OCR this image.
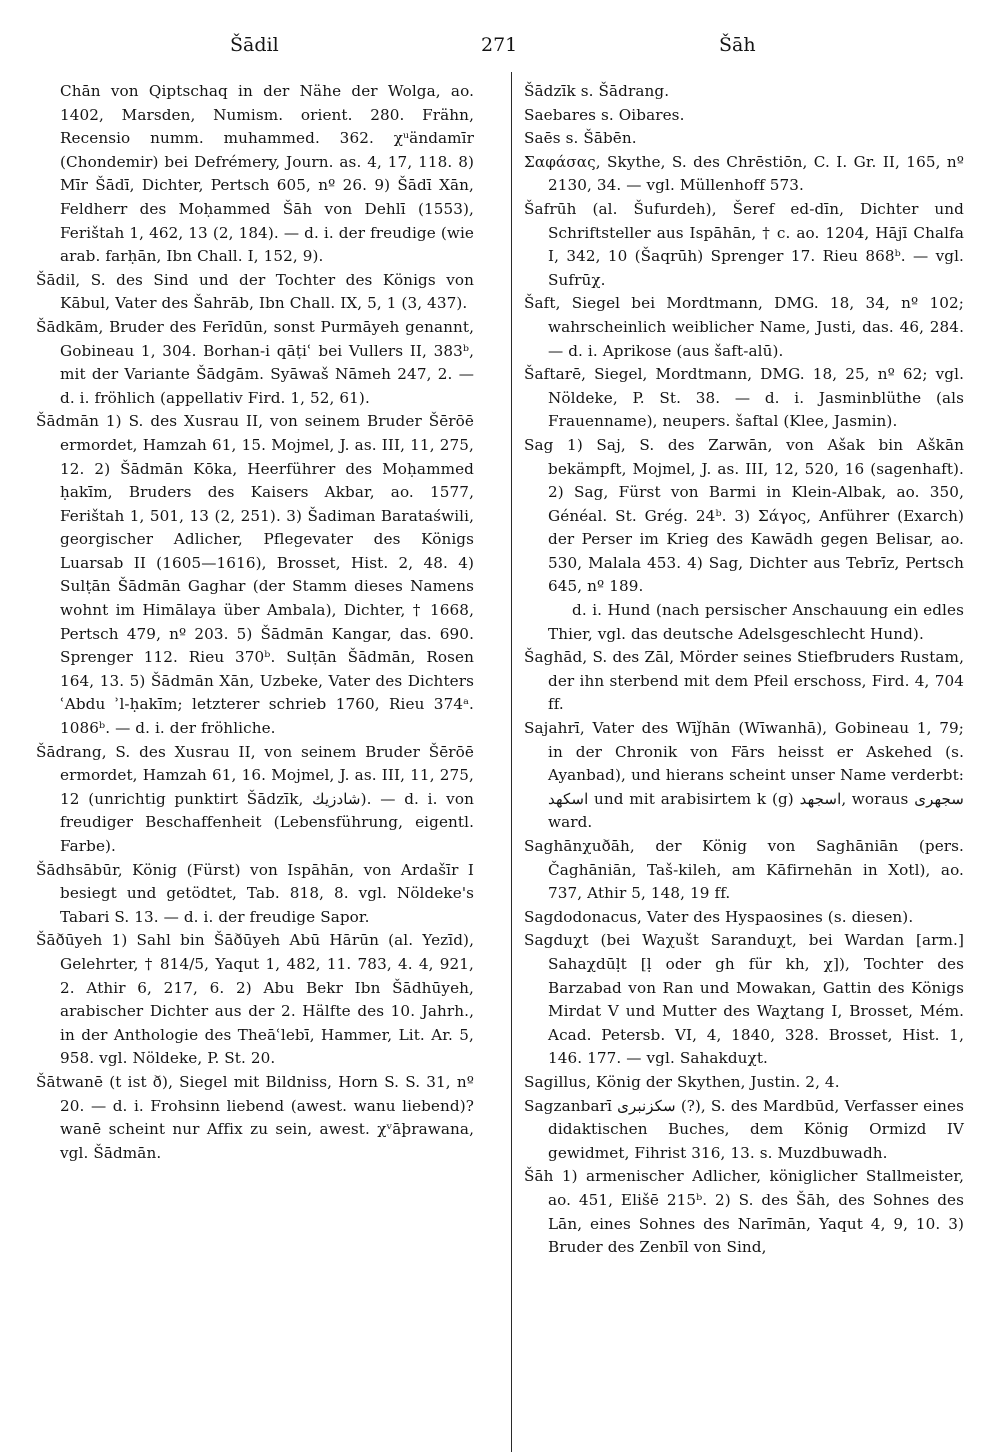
Šādil	271	Šāh

Chān von Qiptschaq in der Nähe der Wolga, ao. 1402, Marsden, Numism. orient. 280. Frähn, Recensio numm. muhammed. 362. χᵘändamīr (Chondemir) bei Defrémery, Journ. as. 4, 17, 118. 8) Mīr Šādī, Dichter, Pertsch 605, nº 26. 9) Šādī Xān, Feldherr des Moḥammed Šāh von Dehlī (1553), Ferištah 1, 462, 13 (2, 184). — d. i. der freudige (wie arab. farḥān, Ibn Chall. I, 152, 9).

Šādil, S. des Sind und der Tochter des Königs von Kābul, Vater des Šahrāb, Ibn Chall. IX, 5, 1 (3, 437).

Šādkām, Bruder des Ferīdūn, sonst Purmāyeh genannt, Gobineau 1, 304. Borhan-i qāṭiʿ bei Vullers II, 383ᵇ, mit der Variante Šādgām. Syāwaš Nāmeh 247, 2. — d. i. fröhlich (appellativ Fird. 1, 52, 61).

Šādmān 1) S. des Xusrau II, von seinem Bruder Šērōē ermordet, Hamzah 61, 15. Mojmel, J. as. III, 11, 275, 12. 2) Šādmān Kōka, Heerführer des Moḥammed ḥakīm, Bruders des Kaisers Akbar, ao. 1577, Ferištah 1, 501, 13 (2, 251). 3) Šadiman Barataświli, georgischer Adlicher, Pflegevater des Königs Luarsab II (1605—1616), Brosset, Hist. 2, 48. 4) Sulṭān Šādmān Gaghar (der Stamm dieses Namens wohnt im Himālaya über Ambala), Dichter, † 1668, Pertsch 479, nº 203. 5) Šādmān Kangar, das. 690. Sprenger 112. Rieu 370ᵇ. Sulṭān Šādmān, Rosen 164, 13. 5) Šādmān Xān, Uzbeke, Vater des Dichters ʿAbdu ʾl-ḥakīm; letzterer schrieb 1760, Rieu 374ᵃ. 1086ᵇ. — d. i. der fröhliche.

Šādrang, S. des Xusrau II, von seinem Bruder Šērōē ermordet, Hamzah 61, 16. Mojmel, J. as. III, 11, 275, 12 (unrichtig punktirt Šādzīk, شادزيك). — d. i. von freudiger Beschaffenheit (Lebensführung, eigentl. Farbe).

Šādhsābūr, König (Fürst) von Ispāhān, von Ardašīr I besiegt und getödtet, Tab. 818, 8. vgl. Nöldeke's Tabari S. 13. — d. i. der freudige Sapor.

Šāðūyeh 1) Sahl bin Šāðūyeh Abū Hārūn (al. Yezīd), Gelehrter, † 814/5, Yaqut 1, 482, 11. 783, 4. 4, 921, 2. Athir 6, 217, 6. 2) Abu Bekr Ibn Šādhūyeh, arabischer Dichter aus der 2. Hälfte des 10. Jahrh., in der Anthologie des Theāʿlebī, Hammer, Lit. Ar. 5, 958. vgl. Nöldeke, P. St. 20.

Šātwanē (t ist ð), Siegel mit Bildniss, Horn S. S. 31, nº 20. — d. i. Frohsinn liebend (awest. wanu liebend)? wanē scheint nur Affix zu sein, awest. χᵛāþrawana, vgl. Šādmān.

Šādzīk s. Šādrang.

Saebares s. Oibares.

Saēs s. Šābēn.

Σαφάσας, Skythe, S. des Chrēstiōn, C. I. Gr. II, 165, nº 2130, 34. — vgl. Müllenhoff 573.

Šafrūh (al. Šufurdeh), Šeref ed-dīn, Dichter und Schriftsteller aus Ispāhān, † c. ao. 1204, Hājī Chalfa I, 342, 10 (Šaqrūh) Sprenger 17. Rieu 868ᵇ. — vgl. Sufrūχ.

Šaft, Siegel bei Mordtmann, DMG. 18, 34, nº 102; wahrscheinlich weiblicher Name, Justi, das. 46, 284. — d. i. Aprikose (aus šaft-alū).

Šaftarē, Siegel, Mordtmann, DMG. 18, 25, nº 62; vgl. Nöldeke, P. St. 38. — d. i. Jasminblüthe (als Frauenname), neupers. šaftal (Klee, Jasmin).

Sag 1) Saj, S. des Zarwān, von Ašak bin Aškān bekämpft, Mojmel, J. as. III, 12, 520, 16 (sagenhaft). 2) Sag, Fürst von Barmi in Klein-Albak, ao. 350, Généal. St. Grég. 24ᵇ. 3) Σάγος, Anführer (Exarch) der Perser im Krieg des Kawādh gegen Belisar, ao. 530, Malala 453. 4) Sag, Dichter aus Tebrīz, Pertsch 645, nº 189.

d. i. Hund (nach persischer Anschauung ein edles Thier, vgl. das deutsche Adelsgeschlecht Hund).

Šaghād, S. des Zāl, Mörder seines Stiefbruders Rustam, der ihn sterbend mit dem Pfeil erschoss, Fird. 4, 704 ff.

Sajahrī, Vater des Wīǰhān (Wīwanhā), Gobineau 1, 79; in der Chronik von Fārs heisst er Askehed (s. Ayanbad), und hierans scheint unser Name verderbt: اسکهد und mit arabisirtem k (g) اسجهد, woraus سجهرى ward.

Saghānχuðāh, der König von Saghāniān (pers. Čaghāniān, Taš-kileh, am Kāfirnehān in Xotl), ao. 737, Athir 5, 148, 19 ff.

Sagdodonacus, Vater des Hyspaosines (s. diesen).

Sagduχt (bei Waχušt Saranduχt, bei Wardan [arm.] Sahaχdūḷt [ḷ oder gh für kh, χ]), Tochter des Barzabad von Ran und Mowakan, Gattin des Königs Mirdat V und Mutter des Waχtang I, Brosset, Mém. Acad. Petersb. VI, 4, 1840, 328. Brosset, Hist. 1, 146. 177. — vgl. Sahakduχt.

Sagillus, König der Skythen, Justin. 2, 4.

Sagzanbarī سكزنبرى (?), S. des Mardbūd, Verfasser eines didaktischen Buches, dem König Ormizd IV gewidmet, Fihrist 316, 13. s. Muzdbuwadh.

Šāh 1) armenischer Adlicher, königlicher Stallmeister, ao. 451, Elišē 215ᵇ. 2) S. des Šāh, des Sohnes des Lān, eines Sohnes des Narīmān, Yaqut 4, 9, 10. 3) Bruder des Zenbīl von Sind,
